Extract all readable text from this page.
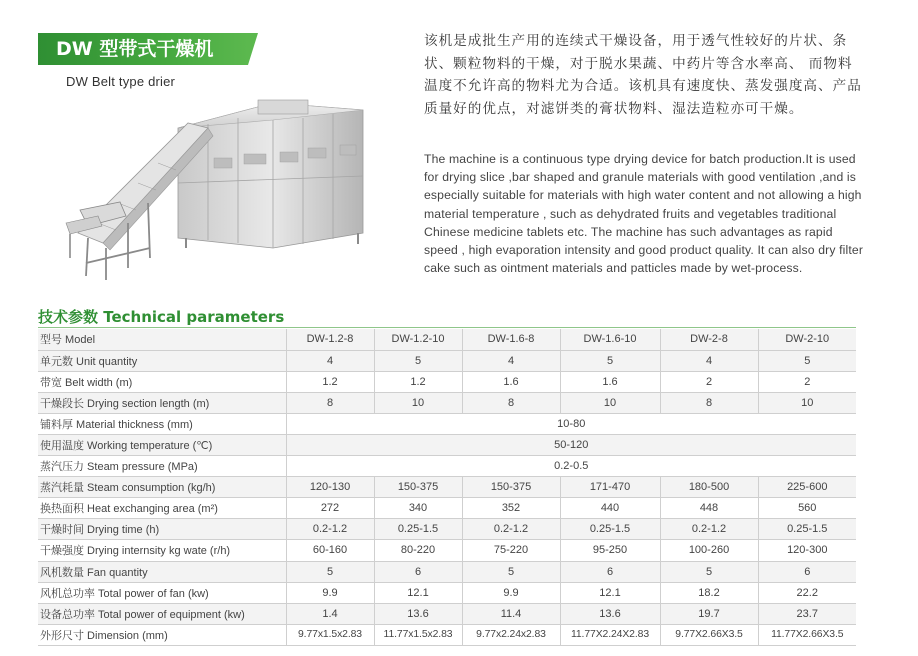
DW 型带式干燥机
DW Belt type drier
该机是成批生产用的连续式干燥设备，用于透气性较好的片状、条状、颗粒物料的干燥，对于脱水果蔬、中药片等含水率高、 而物料温度不允许高的物料尤为合适。该机具有速度快、蒸发强度高、产品质量好的优点，对滤饼类的膏状物料、湿法造粒亦可干燥。
The machine is a continuous type drying device for batch production.It is used for drying slice ,bar shaped and granule materials with good ventilation ,and is especially suitable for materials with high water content and not allowing a high material temperature , such as dehydrated fruits and vegetables traditional Chinese medicine tablets etc. The machine has such advantages as rapid speed , high evaporation intensity and good product quality. It can also dry filter cake such as ointment materials and patticles made by wet-process.
技术参数 Technical parameters
型号 Model	DW-1.2-8	DW-1.2-10	DW-1.6-8	DW-1.6-10	DW-2-8	DW-2-10
单元数 Unit quantity	4	5	4	5	4	5
带宽 Belt width (m)	1.2	1.2	1.6	1.6	2	2
干燥段长 Drying section length (m)	8	10	8	10	8	10
铺料厚 Material thickness (mm)	10-80					
使用温度 Working temperature (℃)	50-120					
蒸汽压力 Steam pressure (MPa)	0.2-0.5					
蒸汽耗量 Steam consumption (kg/h)	120-130	150-375	150-375	171-470	180-500	225-600
换热面积 Heat exchanging area (m²)	272	340	352	440	448	560
干燥时间 Drying time (h)	0.2-1.2	0.25-1.5	0.2-1.2	0.25-1.5	0.2-1.2	0.25-1.5
干燥强度 Drying internsity kg wate (r/h)	60-160	80-220	75-220	95-250	100-260	120-300
风机数量 Fan quantity	5	6	5	6	5	6
风机总功率 Total power of fan (kw)	9.9	12.1	9.9	12.1	18.2	22.2
设备总功率 Total power of equipment (kw)	1.4	13.6	11.4	13.6	19.7	23.7
外形尺寸 Dimension (mm)	9.77x1.5x2.83	11.77x1.5x2.83	9.77x2.24x2.83	11.77X2.24X2.83	9.77X2.66X3.5	11.77X2.66X3.5
